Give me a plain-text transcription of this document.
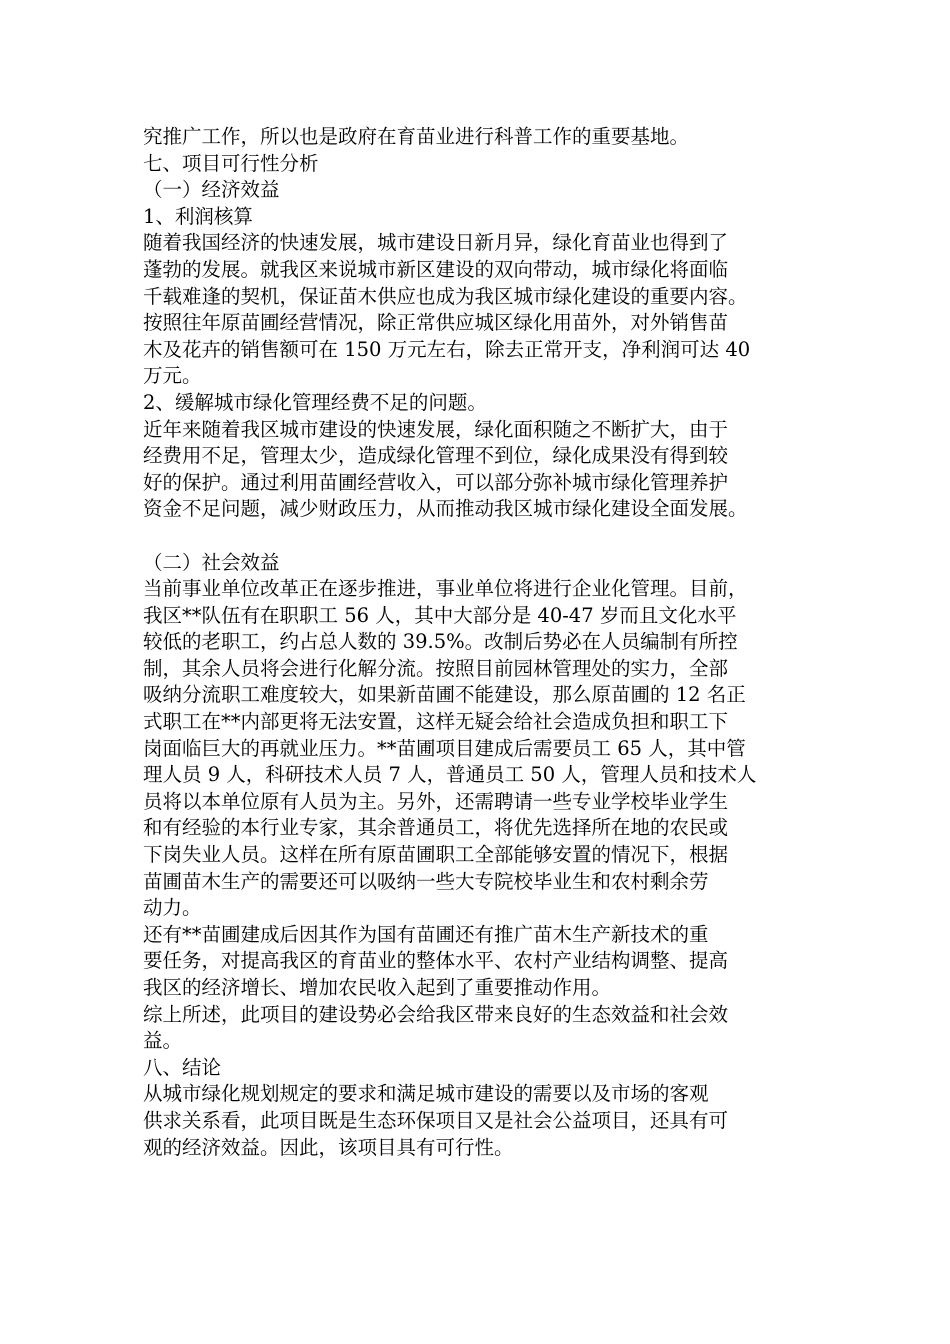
究推广工作，所以也是政府在育苗业进行科普工作的重要基地。
七、项目可行性分析
（一）经济效益
1、利润核算
随着我国经济的快速发展，城市建设日新月异，绿化育苗业也得到了
蓬勃的发展。就我区来说城市新区建设的双向带动，城市绿化将面临
千载难逢的契机，保证苗木供应也成为我区城市绿化建设的重要内容。
按照往年原苗圃经营情况，除正常供应城区绿化用苗外，对外销售苗
木及花卉的销售额可在 150 万元左右，除去正常开支，净利润可达 40
万元。
2、缓解城市绿化管理经费不足的问题。
近年来随着我区城市建设的快速发展，绿化面积随之不断扩大，由于
经费用不足，管理太少，造成绿化管理不到位，绿化成果没有得到较
好的保护。通过利用苗圃经营收入，可以部分弥补城市绿化管理养护
资金不足问题，减少财政压力，从而推动我区城市绿化建设全面发展。
（二）社会效益
当前事业单位改革正在逐步推进，事业单位将进行企业化管理。目前，
我区**队伍有在职职工 56 人，其中大部分是 40-47 岁而且文化水平
较低的老职工，约占总人数的 39.5%。改制后势必在人员编制有所控
制，其余人员将会进行化解分流。按照目前园林管理处的实力，全部
吸纳分流职工难度较大，如果新苗圃不能建设，那么原苗圃的 12 名正
式职工在**内部更将无法安置，这样无疑会给社会造成负担和职工下
岗面临巨大的再就业压力。**苗圃项目建成后需要员工 65 人，其中管
理人员 9 人，科研技术人员 7 人，普通员工 50 人，管理人员和技术人
员将以本单位原有人员为主。另外，还需聘请一些专业学校毕业学生
和有经验的本行业专家，其余普通员工，将优先选择所在地的农民或
下岗失业人员。这样在所有原苗圃职工全部能够安置的情况下，根据
苗圃苗木生产的需要还可以吸纳一些大专院校毕业生和农村剩余劳
动力。
还有**苗圃建成后因其作为国有苗圃还有推广苗木生产新技术的重
要任务，对提高我区的育苗业的整体水平、农村产业结构调整、提高
我区的经济增长、增加农民收入起到了重要推动作用。
综上所述，此项目的建设势必会给我区带来良好的生态效益和社会效
益。
八、结论
从城市绿化规划规定的要求和满足城市建设的需要以及市场的客观
供求关系看，此项目既是生态环保项目又是社会公益项目，还具有可
观的经济效益。因此，该项目具有可行性。
